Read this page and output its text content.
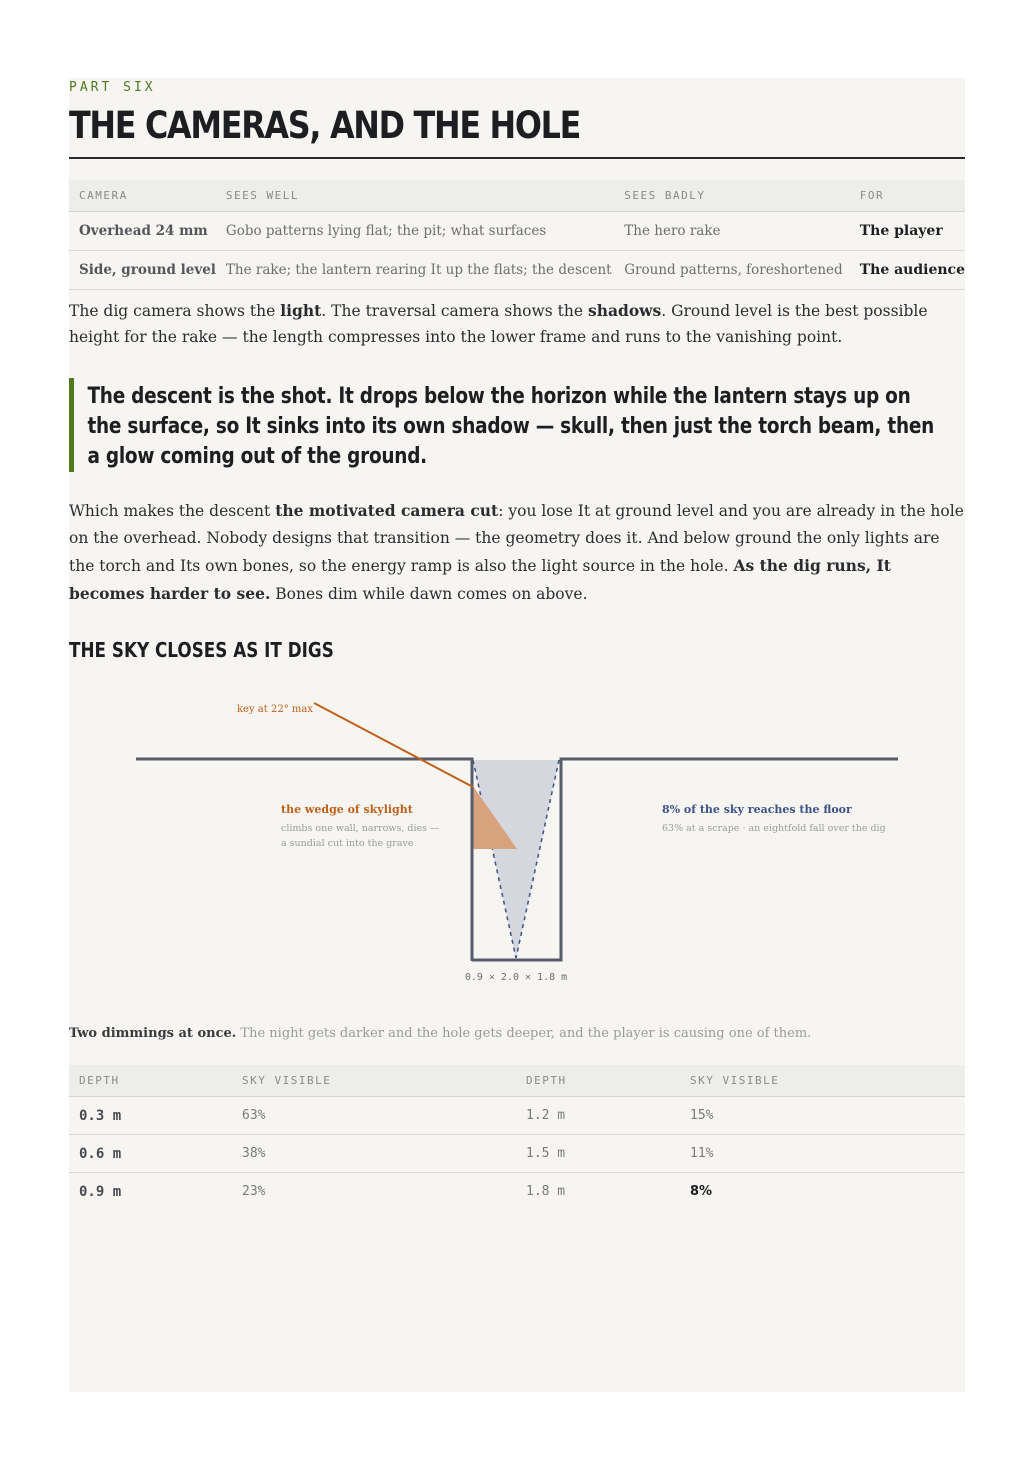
PART SIX
THE CAMERAS, AND THE HOLE
CAMERA	SEES WELL	SEES BADLY	FOR
Overhead 24 mm	Gobo patterns lying flat; the pit; what surfaces	The hero rake	The player
Side, ground level	The rake; the lantern rearing It up the flats; the descent	Ground patterns, foreshortened	The audience

The dig camera shows the light. The traversal camera shows the shadows. Ground level is the best possible height for the rake — the length compresses into the lower frame and runs to the vanishing point.

The descent is the shot. It drops below the horizon while the lantern stays up on the surface, so It sinks into its own shadow — skull, then just the torch beam, then a glow coming out of the ground.

Which makes the descent the motivated camera cut: you lose It at ground level and you are already in the hole on the overhead. Nobody designs that transition — the geometry does it. And below ground the only lights are the torch and Its own bones, so the energy ramp is also the light source in the hole. As the dig runs, It becomes harder to see. Bones dim while dawn comes on above.

THE SKY CLOSES AS IT DIGS
key at 22° max
the wedge of skylight
climbs one wall, narrows, dies —
a sundial cut into the grave
8% of the sky reaches the floor
63% at a scrape · an eightfold fall over the dig
0.9 × 2.0 × 1.8 m

Two dimmings at once. The night gets darker and the hole gets deeper, and the player is causing one of them.

DEPTH	SKY VISIBLE	DEPTH	SKY VISIBLE
0.3 m	63%	1.2 m	15%
0.6 m	38%	1.5 m	11%
0.9 m	23%	1.8 m	8%
